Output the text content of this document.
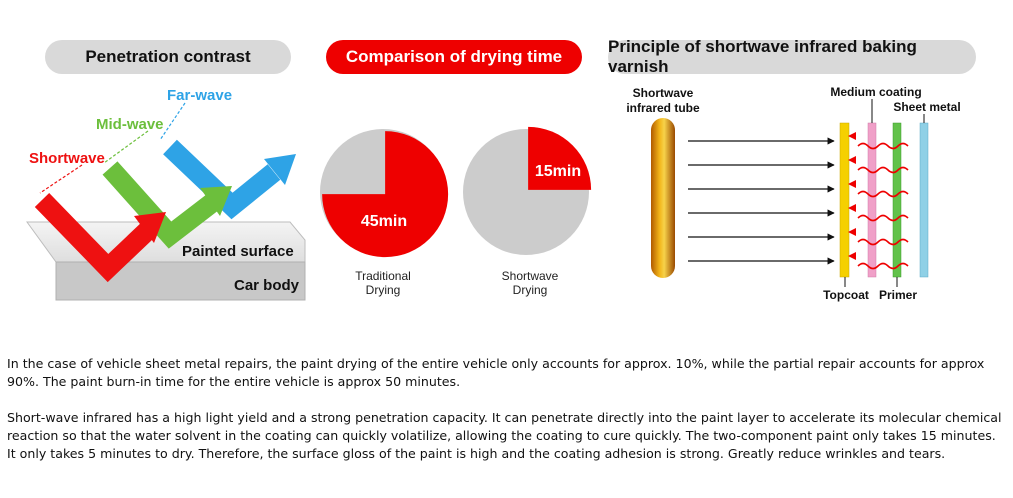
Penetration contrast	Comparison of drying time
Principle of shortwave infrared baking varnish
Far-wave
Mid-wave
Shortwave
Painted surface
Car body
45min
Traditional
Drying
15min
Shortwave
Drying
Shortwave
infrared tube
Medium coating
Sheet metal
Topcoat Primer

In the case of vehicle sheet metal repairs, the paint drying of the entire vehicle only accounts for approx. 10%, while the partial repair accounts for approx 90%. The paint burn-in time for the entire vehicle is approx 50 minutes.

Short-wave infrared has a high light yield and a strong penetration capacity. It can penetrate directly into the paint layer to accelerate its molecular chemical reaction so that the water solvent in the coating can quickly volatilize, allowing the coating to cure quickly. The two-component paint only takes 15 minutes. It only takes 5 minutes to dry. Therefore, the surface gloss of the paint is high and the coating adhesion is strong. Greatly reduce wrinkles and tears.
